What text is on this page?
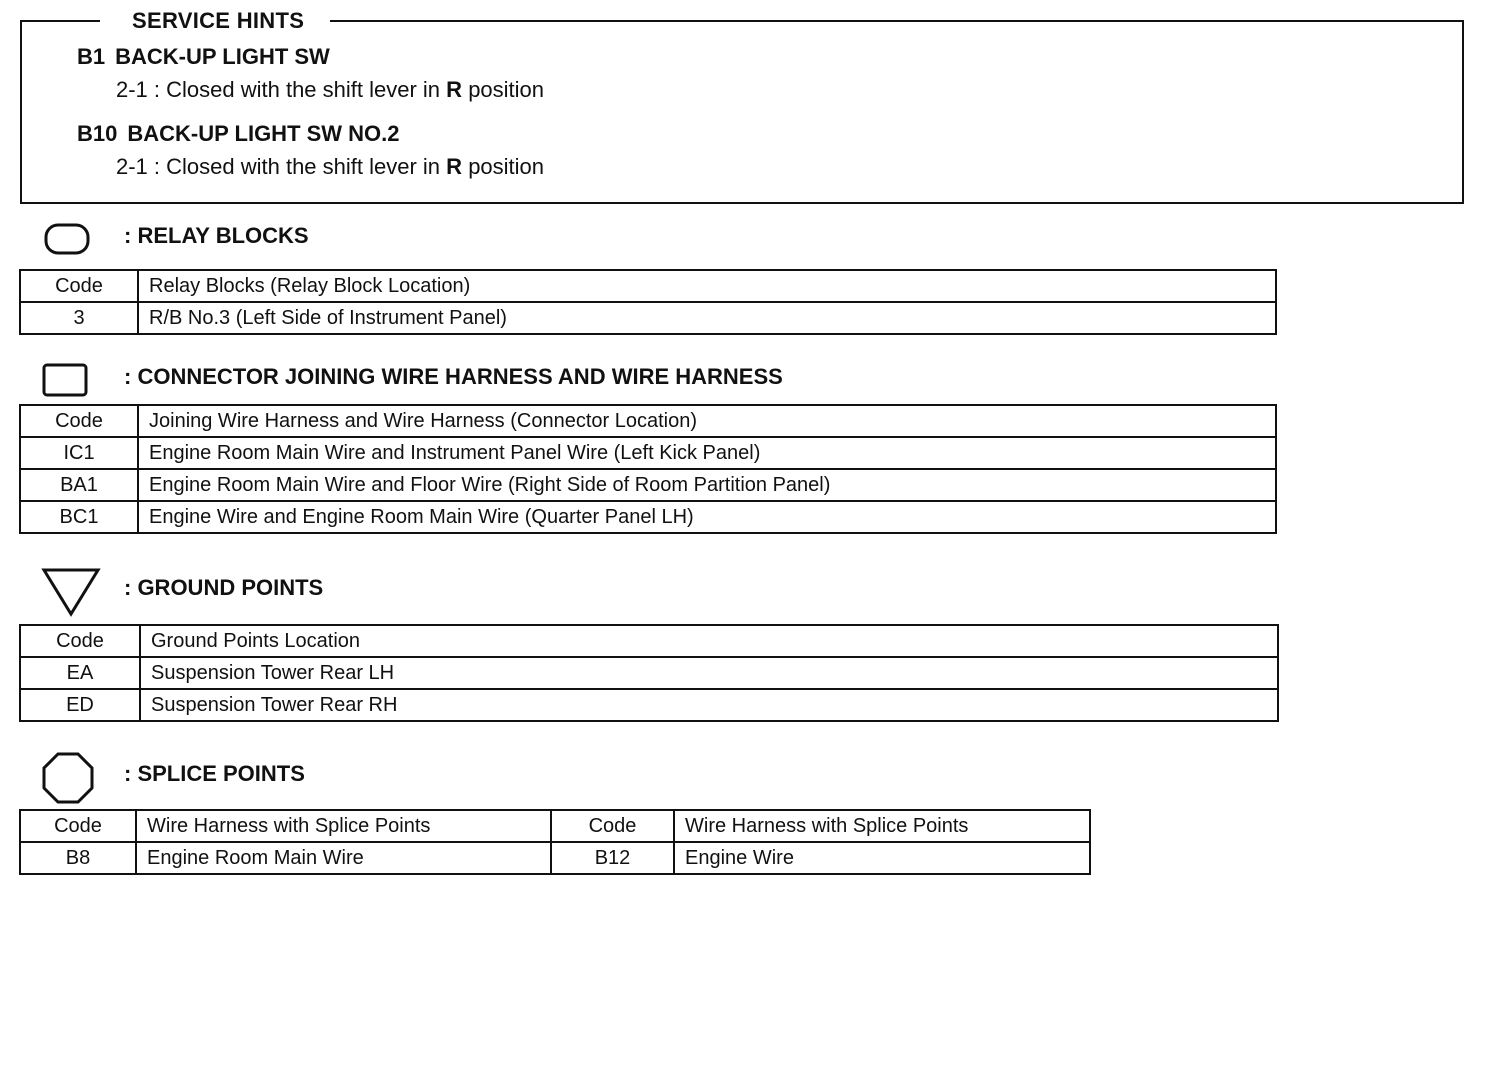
SERVICE HINTS
B1 BACK-UP LIGHT SW
2-1 : Closed with the shift lever in R position
B10 BACK-UP LIGHT SW NO.2
2-1 : Closed with the shift lever in R position
: RELAY BLOCKS
Code	Relay Blocks (Relay Block Location)
3	R/B No.3 (Left Side of Instrument Panel)
: CONNECTOR JOINING WIRE HARNESS AND WIRE HARNESS
Code	Joining Wire Harness and Wire Harness (Connector Location)
IC1	Engine Room Main Wire and Instrument Panel Wire (Left Kick Panel)
BA1	Engine Room Main Wire and Floor Wire (Right Side of Room Partition Panel)
BC1	Engine Wire and Engine Room Main Wire (Quarter Panel LH)
: GROUND POINTS
Code	Ground Points Location
EA	Suspension Tower Rear LH
ED	Suspension Tower Rear RH
: SPLICE POINTS
Code	Wire Harness with Splice Points	Code	Wire Harness with Splice Points
B8	Engine Room Main Wire	B12	Engine Wire
